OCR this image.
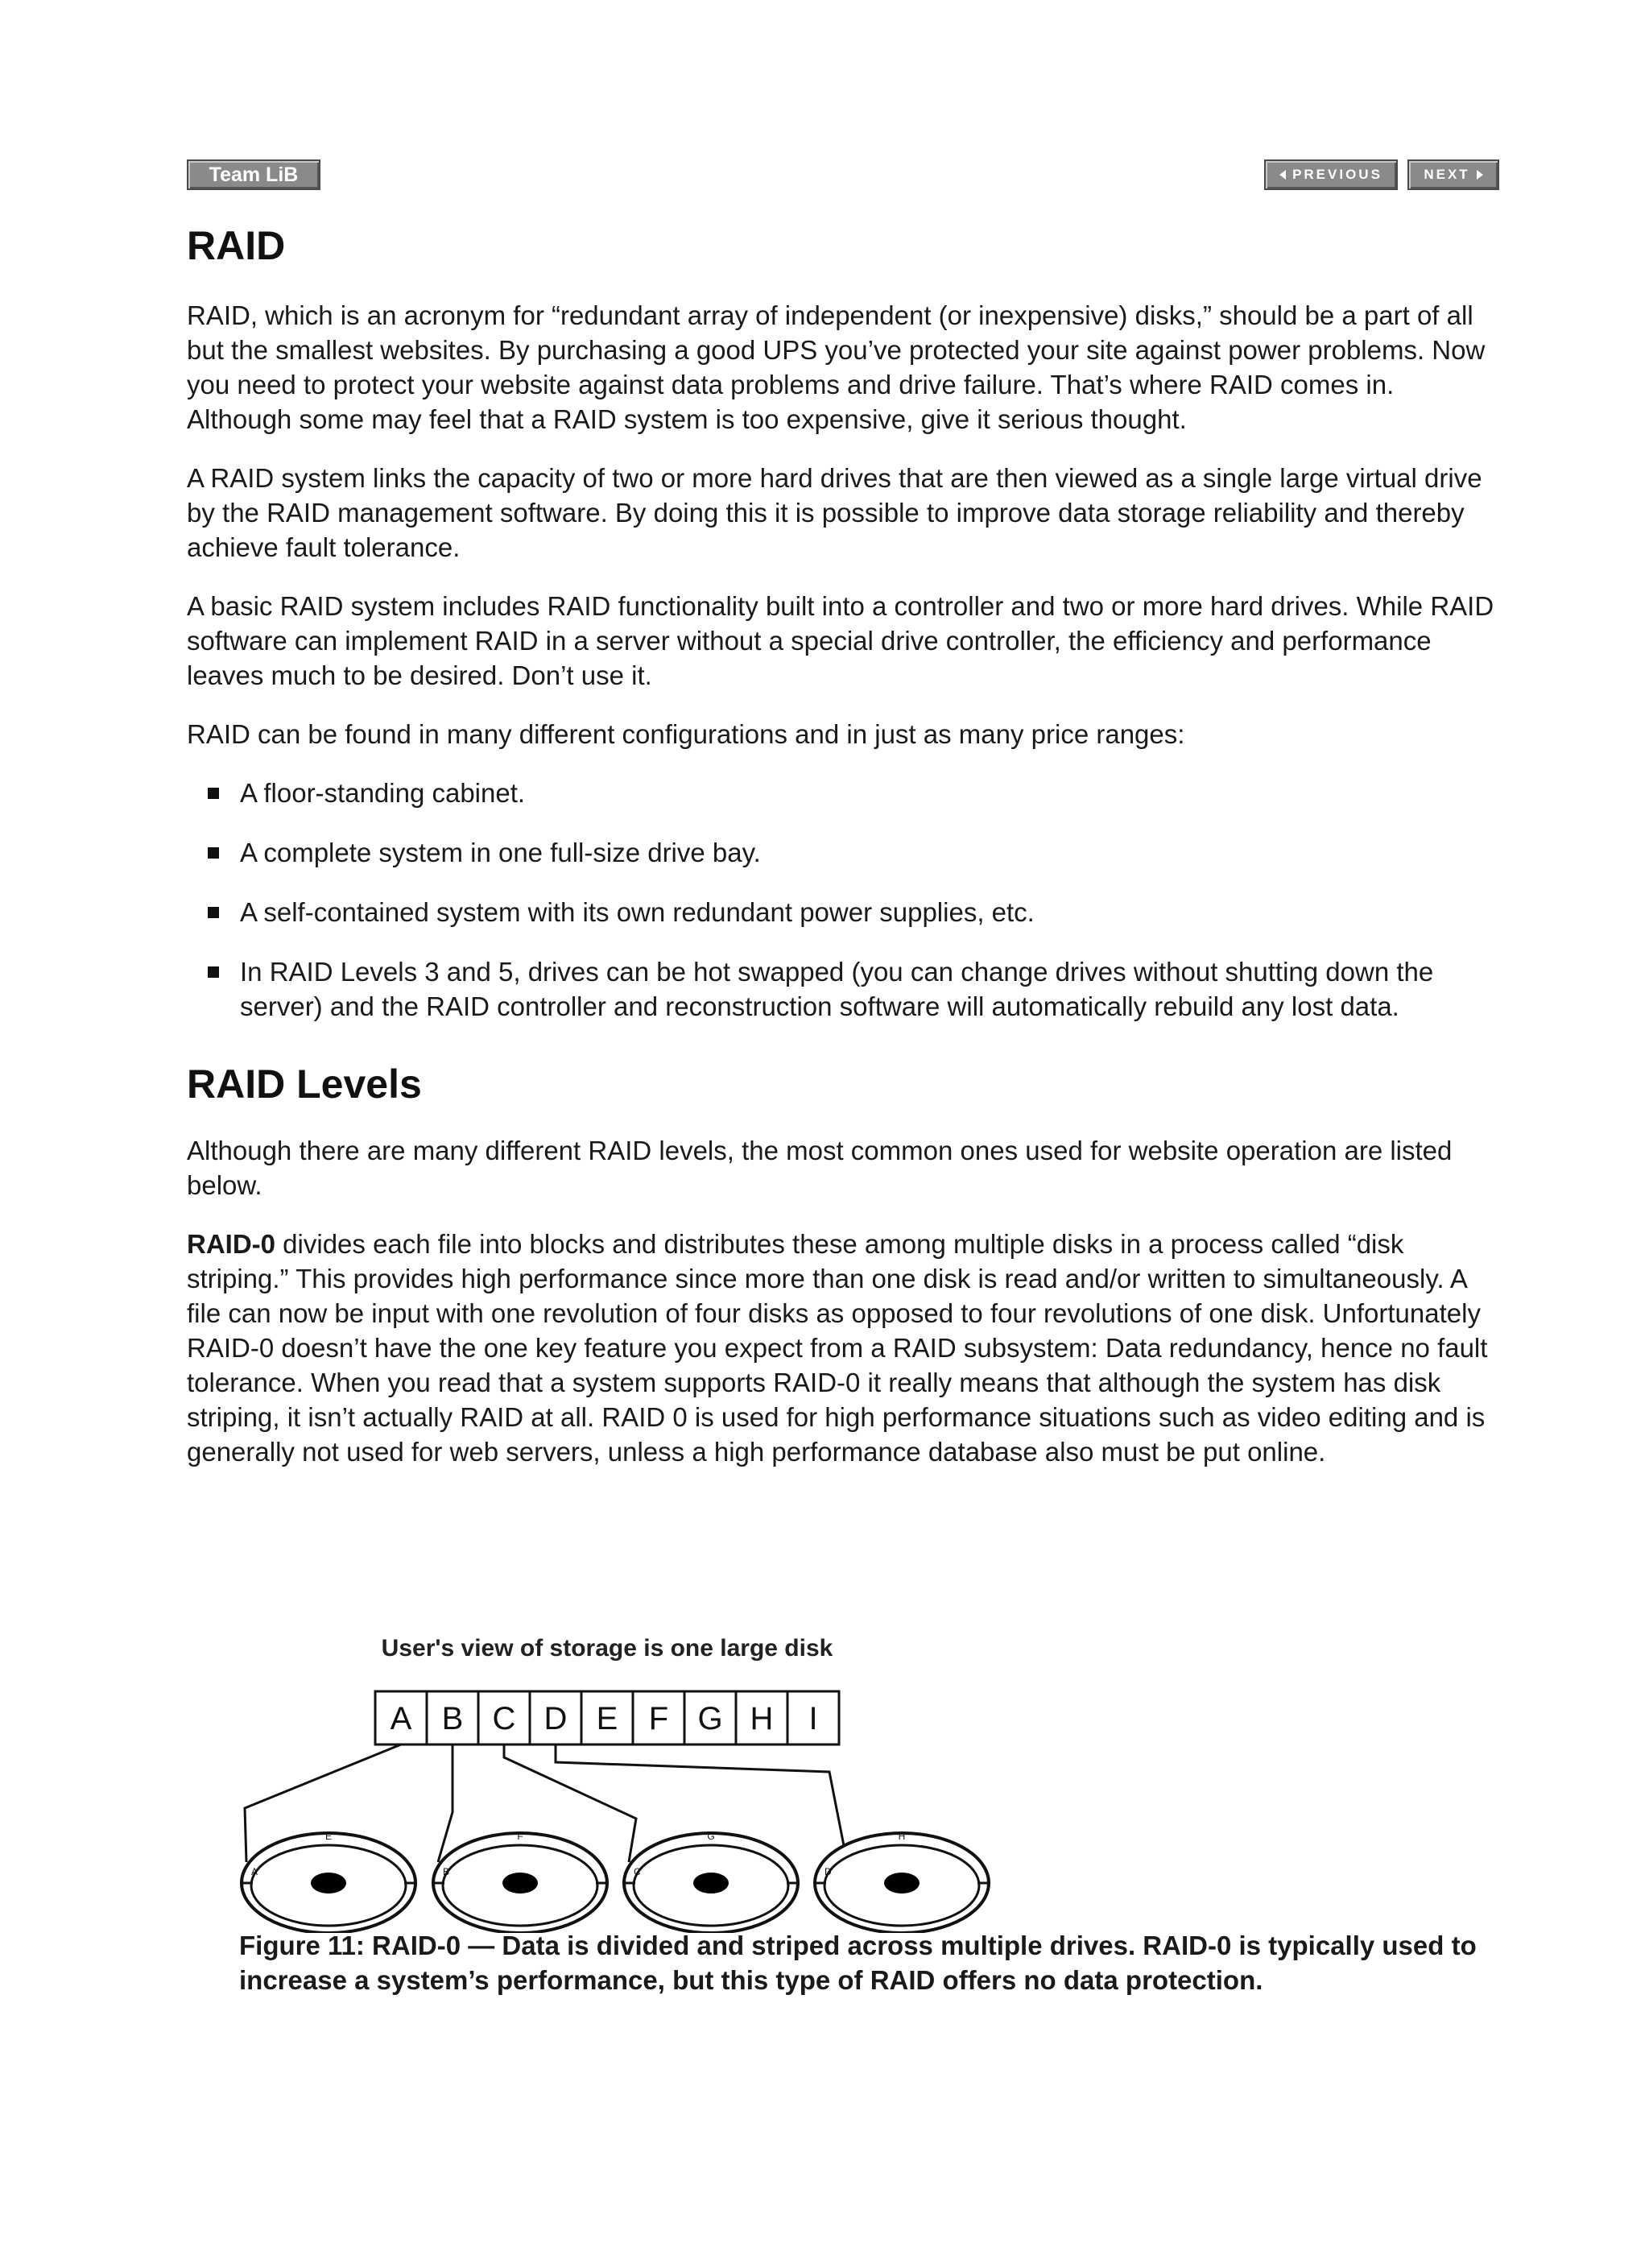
Team LiB	PREVIOUS	NEXT
RAID

RAID, which is an acronym for “redundant array of independent (or inexpensive) disks,” should be a part of all but the smallest websites. By purchasing a good UPS you’ve protected your site against power problems. Now you need to protect your website against data problems and drive failure. That’s where RAID comes in. Although some may feel that a RAID system is too expensive, give it serious thought.

A RAID system links the capacity of two or more hard drives that are then viewed as a single large virtual drive by the RAID management software. By doing this it is possible to improve data storage reliability and thereby achieve fault tolerance.

A basic RAID system includes RAID functionality built into a controller and two or more hard drives. While RAID software can implement RAID in a server without a special drive controller, the efficiency and performance leaves much to be desired. Don’t use it.

RAID can be found in many different configurations and in just as many price ranges:

A floor-standing cabinet.
A complete system in one full-size drive bay.
A self-contained system with its own redundant power supplies, etc.
In RAID Levels 3 and 5, drives can be hot swapped (you can change drives without shutting down the server) and the RAID controller and reconstruction software will automatically rebuild any lost data.
RAID Levels

Although there are many different RAID levels, the most common ones used for website operation are listed below.

RAID-0 divides each file into blocks and distributes these among multiple disks in a process called “disk striping.” This provides high performance since more than one disk is read and/or written to simultaneously. A file can now be input with one revolution of four disks as opposed to four revolutions of one disk. Unfortunately RAID-0 doesn’t have the one key feature you expect from a RAID subsystem: Data redundancy, hence no fault tolerance. When you read that a system supports RAID-0 it really means that although the system has disk striping, it isn’t actually RAID at all. RAID 0 is used for high performance situations such as video editing and is generally not used for web servers, unless a high performance database also must be put online.

User's view of storage is one large disk
A B C D E F G H I
A
E
B
F
C
G
D
H
Figure 11: RAID-0 — Data is divided and striped across multiple drives. RAID-0 is typically used to increase a system’s performance, but this type of RAID offers no data protection.
